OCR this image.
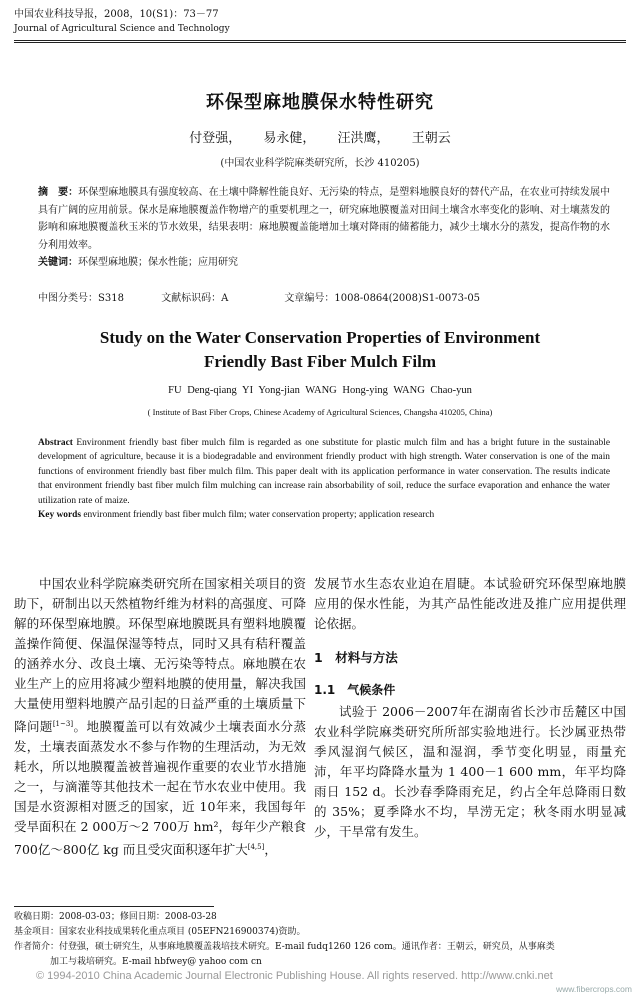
中国农业科技导报，2008，10(S1)：73－77
Journal of Agricultural Science and Technology
环保型麻地膜保水特性研究
付登强， 易永健， 汪洪鹰， 王朝云
(中国农业科学院麻类研究所，长沙 410205)
摘　要：环保型麻地膜具有强度较高、在土壤中降解性能良好、无污染的特点，是塑料地膜良好的替代产品，在农业可持续发展中具有广阔的应用前景。保水是麻地膜覆盖作物增产的重要机理之一，研究麻地膜覆盖对田间土壤含水率变化的影响、对土壤蒸发的影响和麻地膜覆盖秋玉米的节水效果，结果表明：麻地膜覆盖能增加土壤对降雨的储蓄能力，减少土壤水分的蒸发，提高作物的水分利用效率。
关键词：环保型麻地膜；保水性能；应用研究
中图分类号：S318	文献标识码：A	文章编号：1008-0864(2008)S1-0073-05
Study on the Water Conservation Properties of Environment
Friendly Bast Fiber Mulch Film
FU Deng-qiang YI Yong-jian WANG Hong-ying WANG Chao-yun
( Institute of Bast Fiber Crops, Chinese Academy of Agricultural Sciences, Changsha 410205, China)
Abstract Environment friendly bast fiber mulch film is regarded as one substitute for plastic mulch film and has a bright future in the sustainable development of agriculture, because it is a biodegradable and environment friendly product with high strength. Water conservation is one of the main functions of environment friendly bast fiber mulch film. This paper dealt with its application performance in water conservation. The results indicate that environment friendly bast fiber mulch film mulching can increase rain absorbability of soil, reduce the surface evaporation and enhance the water utilization rate of maize.
Key words environment friendly bast fiber mulch film; water conservation property; application research

中国农业科学院麻类研究所在国家相关项目的资助下，研制出以天然植物纤维为材料的高强度、可降解的环保型麻地膜。环保型麻地膜既具有塑料地膜覆盖操作简便、保温保湿等特点，同时又具有秸秆覆盖的涵养水分、改良土壤、无污染等特点。麻地膜在农业生产上的应用将减少塑料地膜的使用量，解决我国大量使用塑料地膜产品引起的日益严重的土壤质量下降问题[1~3]。地膜覆盖可以有效减少土壤表面水分蒸发，土壤表面蒸发水不参与作物的生理活动，为无效耗水，所以地膜覆盖被普遍视作重要的农业节水措施之一，与滴灌等其他技术一起在节水农业中使用。我国是水资源相对匮乏的国家，近 10年来，我国每年受旱面积在 2 000万～2 700万 hm²，每年少产粮食 700亿～800亿 kg 而且受灾面积逐年扩大[4,5]，

发展节水生态农业迫在眉睫。本试验研究环保型麻地膜应用的保水性能，为其产品性能改进及推广应用提供理论依据。

1　材料与方法
1.1　气候条件

试验于 2006－2007年在湖南省长沙市岳麓区中国农业科学院麻类研究所所部实验地进行。长沙属亚热带季风湿润气候区，温和湿润，季节变化明显，雨量充沛，年平均降降水量为 1 400－1 600 mm，年平均降雨日 152 d。长沙春季降雨充足，约占全年总降雨日数的 35%；夏季降水不均，旱涝无定；秋冬雨水明显减少，干旱常有发生。

收稿日期：2008-03-03；修回日期：2008-03-28
基金项目：国家农业科技成果转化重点项目 (05EFN216900374)资助。
作者简介：付登强，硕士研究生，从事麻地膜覆盖栽培技术研究。E-mail fudq1260 126 com。通讯作者：王朝云，研究员，从事麻类
加工与栽培研究。E-mail hbfwey@ yahoo com cn
© 1994-2010 China Academic Journal Electronic Publishing House. All rights reserved. http://www.cnki.net
www.fibercrops.com
